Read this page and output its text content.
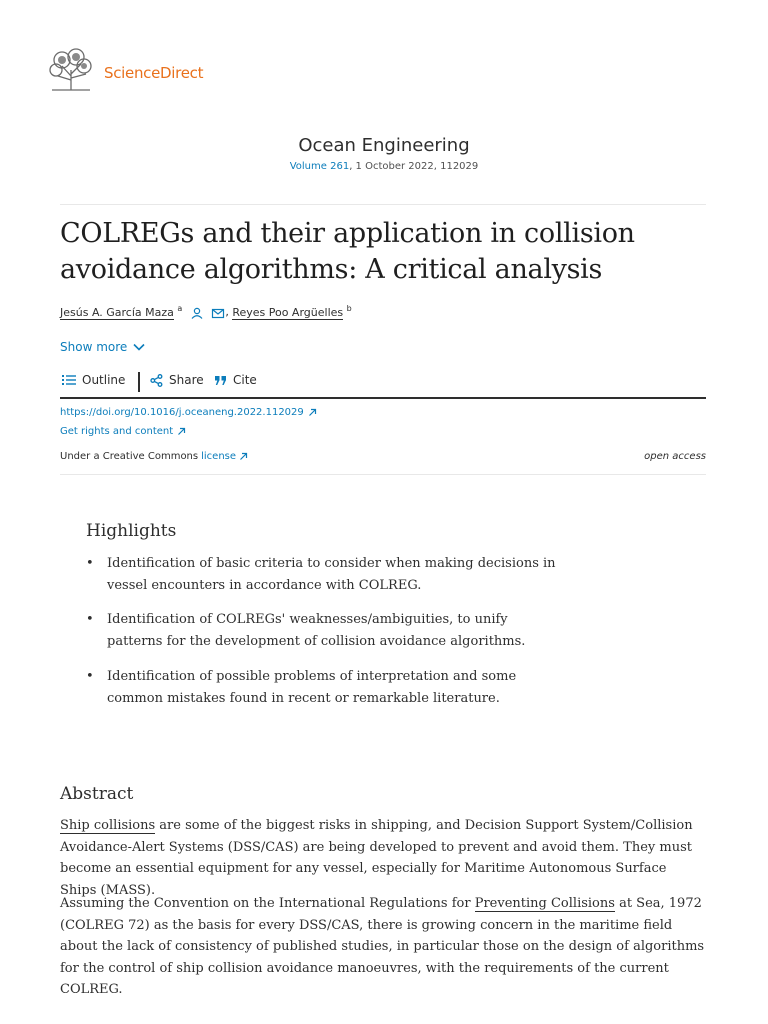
ScienceDirect
Ocean Engineering
Volume 261, 1 October 2022, 112029
COLREGs and their application in collision avoidance algorithms: A critical analysis
Jesús A. García Maza $^a$	, Reyes Poo Argüelles $^b$
Show more
Outline	Share Cite
https://doi.org/10.1016/j.oceaneng.2022.112029
Get rights and content
Under a Creative Commons license	open access
Highlights
• Identification of basic criteria to consider when making decisions in vessel encounters in accordance with COLREG.
• Identification of COLREGs' weaknesses/ambiguities, to unify patterns for the development of collision avoidance algorithms.
• Identification of possible problems of interpretation and some common mistakes found in recent or remarkable literature.
Abstract
Ship collisions are some of the biggest risks in shipping, and Decision Support System/Collision Avoidance-Alert Systems (DSS/CAS) are being developed to prevent and avoid them. They must become an essential equipment for any vessel, especially for Maritime Autonomous Surface Ships (MASS).
Assuming the Convention on the International Regulations for Preventing Collisions at Sea, 1972 (COLREG 72) as the basis for every DSS/CAS, there is growing concern in the maritime field about the lack of consistency of published studies, in particular those on the design of algorithms for the control of ship collision avoidance manoeuvres, with the requirements of the current COLREG.
